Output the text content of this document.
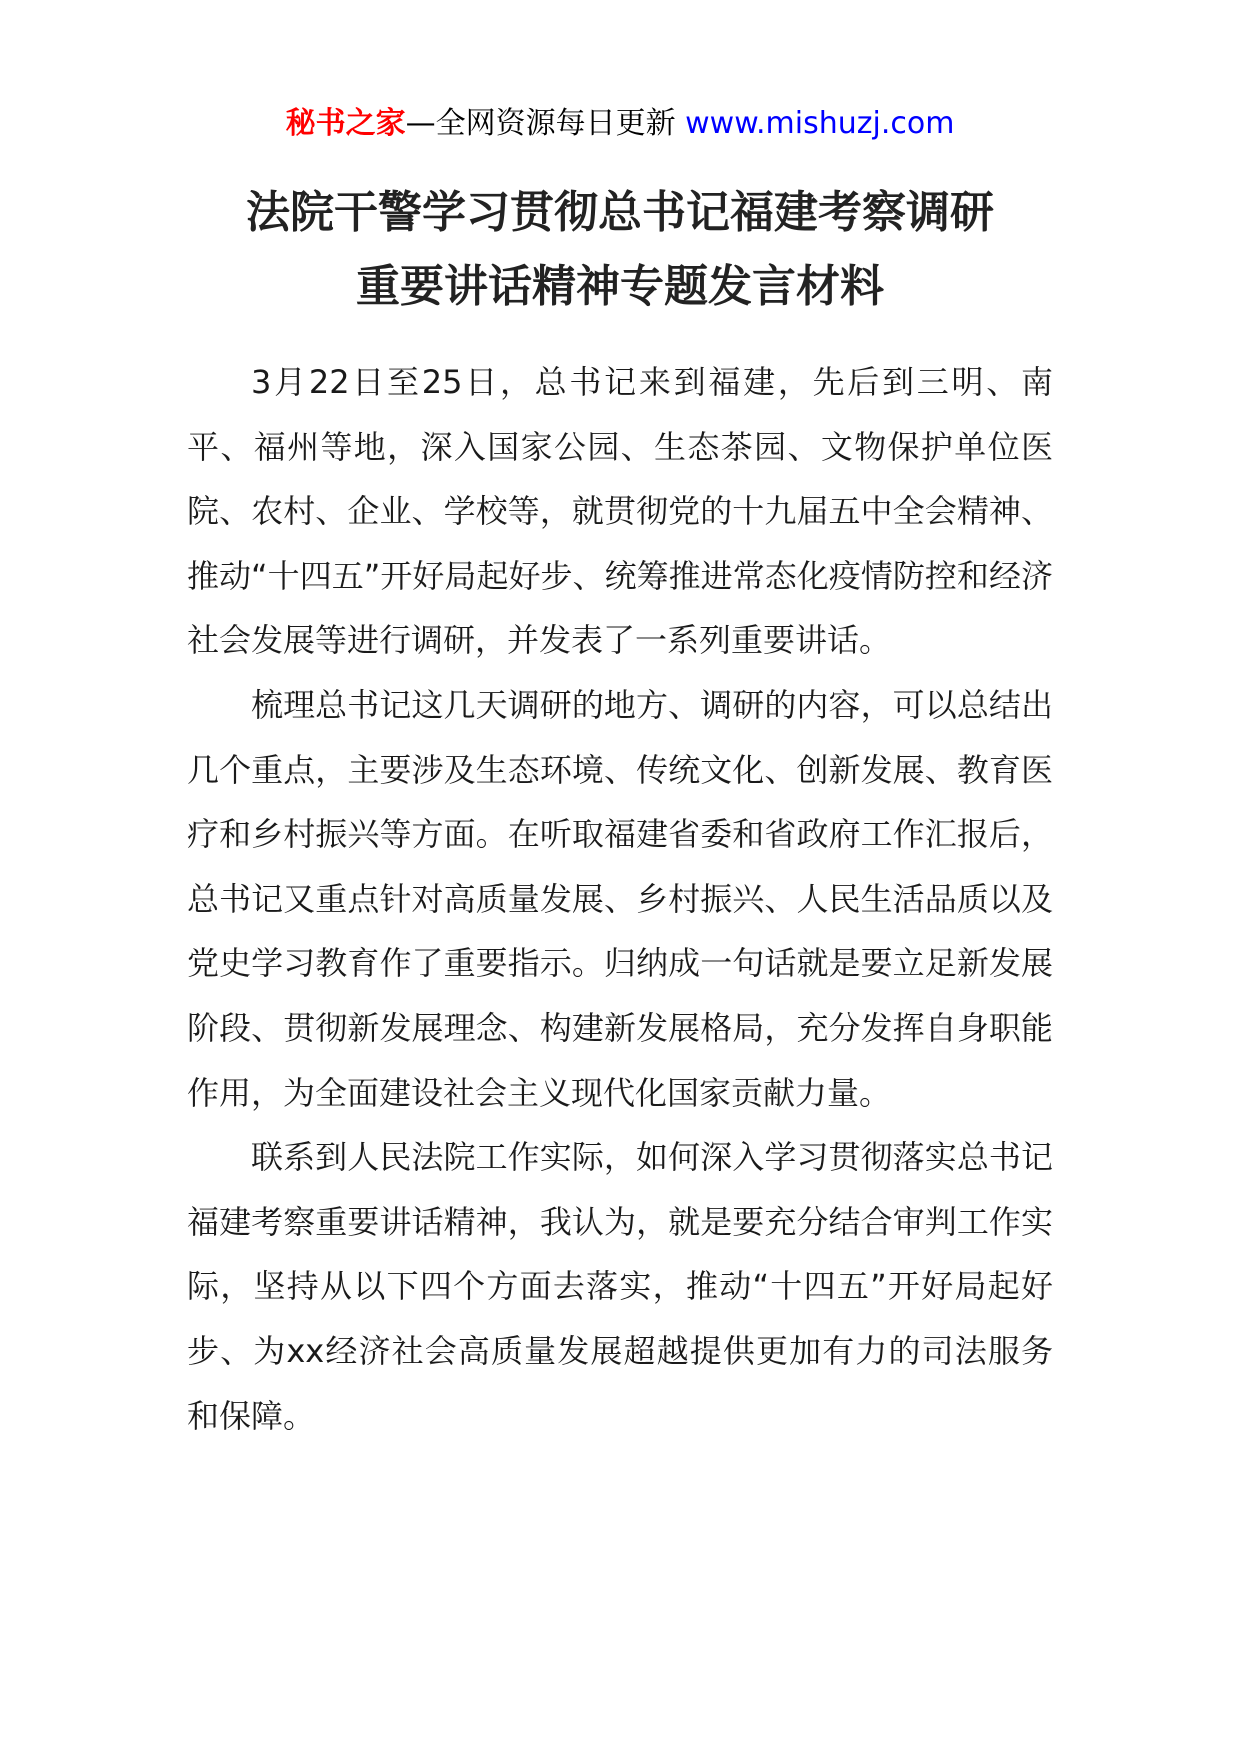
秘书之家—全网资源每日更新 www.mishuzj.com
法院干警学习贯彻总书记福建考察调研
重要讲话精神专题发言材料

3月22日至25日，总书记来到福建，先后到三明、南平、福州等地，深入国家公园、生态茶园、文物保护单位医院、农村、企业、学校等，就贯彻党的十九届五中全会精神、推动“十四五”开好局起好步、统筹推进常态化疫情防控和经济社会发展等进行调研，并发表了一系列重要讲话。

梳理总书记这几天调研的地方、调研的内容，可以总结出几个重点，主要涉及生态环境、传统文化、创新发展、教育医疗和乡村振兴等方面。在听取福建省委和省政府工作汇报后，总书记又重点针对高质量发展、乡村振兴、人民生活品质以及党史学习教育作了重要指示。归纳成一句话就是要立足新发展阶段、贯彻新发展理念、构建新发展格局，充分发挥自身职能作用，为全面建设社会主义现代化国家贡献力量。

联系到人民法院工作实际，如何深入学习贯彻落实总书记福建考察重要讲话精神，我认为，就是要充分结合审判工作实际，坚持从以下四个方面去落实，推动“十四五”开好局起好步、为xx经济社会高质量发展超越提供更加有力的司法服务和保障。
